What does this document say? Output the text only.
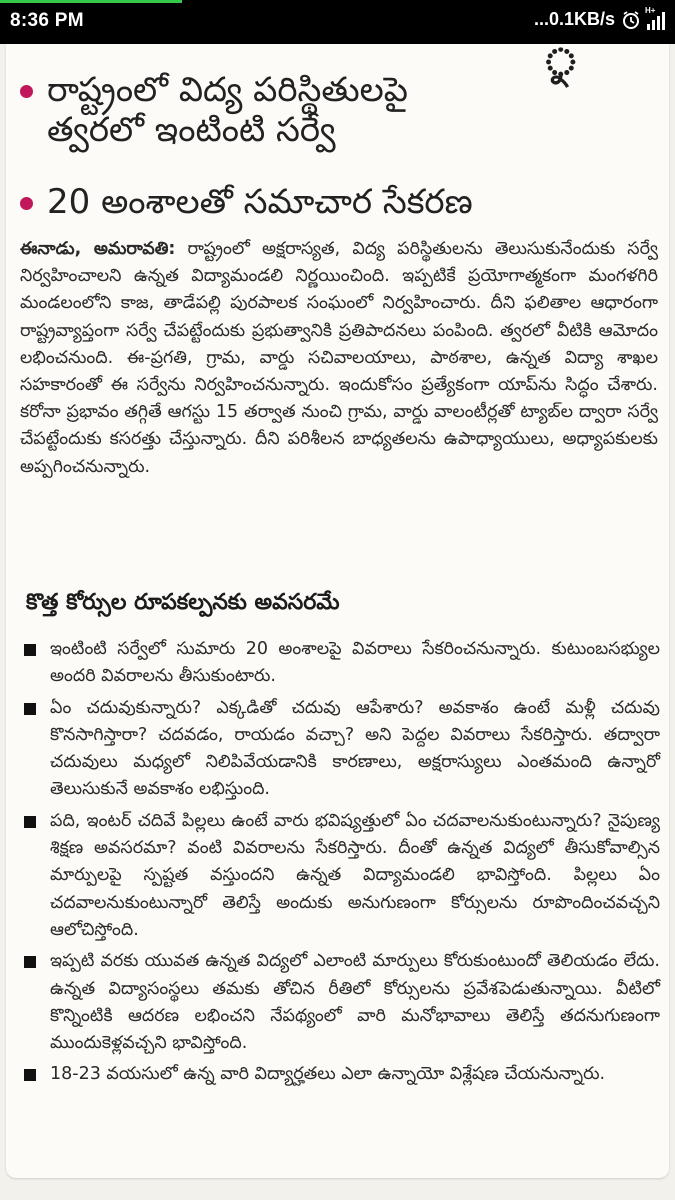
8:36 PM	...0.1KB/s	H+
ু
రాష్ట్రంలో విద్య పరిస్థితులపై
త్వరలో ఇంటింటి సర్వే
20 అంశాలతో సమాచార సేకరణ
ఈనాడు, అమరావతి: రాష్ట్రంలో అక్షరాస్యత, విద్య పరిస్థితులను తెలుసుకునేందుకు సర్వే నిర్వహించాలని ఉన్నత విద్యామండలి నిర్ణయించింది. ఇప్పటికే ప్రయోగాత్మకంగా మంగళగిరి మండలంలోని కాజ, తాడేపల్లి పురపాలక సంఘంలో నిర్వహించారు. దీని ఫలితాల ఆధారంగా రాష్ట్రవ్యాప్తంగా సర్వే చేపట్టేందుకు ప్రభుత్వానికి ప్రతిపాదనలు పంపింది. త్వరలో వీటికి ఆమోదం లభించనుంది. ఈ-ప్రగతి, గ్రామ, వార్డు సచివాలయాలు, పాఠశాల, ఉన్నత విద్యా శాఖల సహకారంతో ఈ సర్వేను నిర్వహించనున్నారు. ఇందుకోసం ప్రత్యేకంగా యాప్‌ను సిద్ధం చేశారు. కరోనా ప్రభావం తగ్గితే ఆగస్టు 15 తర్వాత నుంచి గ్రామ, వార్డు వాలంటీర్లతో ట్యాబ్‌ల ద్వారా సర్వే చేపట్టేందుకు కసరత్తు చేస్తున్నారు. దీని పరిశీలన బాధ్యతలను ఉపాధ్యాయులు, అధ్యాపకులకు అప్పగించనున్నారు.
కొత్త కోర్సుల రూపకల్పనకు అవసరమే
ఇంటింటి సర్వేలో సుమారు 20 అంశాలపై వివరాలు సేకరించనున్నారు. కుటుంబసభ్యుల అందరి వివరాలను తీసుకుంటారు.
ఏం చదువుకున్నారు? ఎక్కడితో చదువు ఆపేశారు? అవకాశం ఉంటే మళ్లీ చదువు కొనసాగిస్తారా? చదవడం, రాయడం వచ్చా? అని పెద్దల వివరాలు సేకరిస్తారు. తద్వారా చదువులు మధ్యలో నిలిపివేయడానికి కారణాలు, అక్షరాస్యులు ఎంతమంది ఉన్నారో తెలుసుకునే అవకాశం లభిస్తుంది.
పది, ఇంటర్ చదివే పిల్లలు ఉంటే వారు భవిష్యత్తులో ఏం చదవాలనుకుంటున్నారు? నైపుణ్య శిక్షణ అవసరమా? వంటి వివరాలను సేకరిస్తారు. దీంతో ఉన్నత విద్యలో తీసుకోవాల్సిన మార్పులపై స్పష్టత వస్తుందని ఉన్నత విద్యామండలి భావిస్తోంది. పిల్లలు ఏం చదవాలనుకుంటున్నారో తెలిస్తే అందుకు అనుగుణంగా కోర్సులను రూపొందించవచ్చని ఆలోచిస్తోంది.
ఇప్పటి వరకు యువత ఉన్నత విద్యలో ఎలాంటి మార్పులు కోరుకుంటుందో తెలియడం లేదు. ఉన్నత విద్యాసంస్థలు తమకు తోచిన రీతిలో కోర్సులను ప్రవేశపెడుతున్నాయి. వీటిలో కొన్నింటికి ఆదరణ లభించని నేపథ్యంలో వారి మనోభావాలు తెలిస్తే తదనుగుణంగా ముందుకెళ్లవచ్చని భావిస్తోంది.
18-23 వయసులో ఉన్న వారి విద్యార్హతలు ఎలా ఉన్నాయో విశ్లేషణ చేయనున్నారు.
